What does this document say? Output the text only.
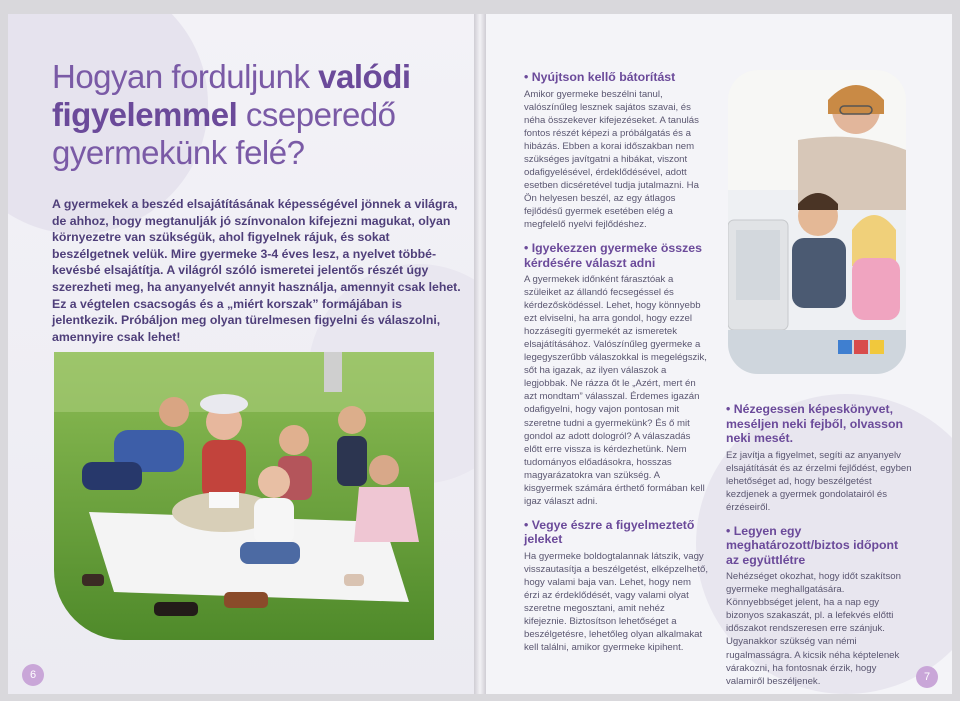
Hogyan forduljunk valódi figyelemmel cseperedő gyermekünk felé?

A gyermekek a beszéd elsajátításának képességével jönnek a világra, de ahhoz, hogy megtanulják jó színvonalon kifejezni magukat, olyan környezetre van szükségük, ahol figyelnek rájuk, és sokat beszélgetnek velük. Mire gyermeke 3-4 éves lesz, a nyelvet többé-kevésbé elsajátítja. A világról szóló ismeretei jelentős részét úgy szerezheti meg, ha anyanyelvét annyit használja, amennyit csak lehet. Ez a végtelen csacsogás és a „miért korszak” formájában is jelentkezik. Próbáljon meg olyan türelmesen figyelni és válaszolni, amennyire csak lehet!

6
• Nyújtson kellő bátorítást

Amikor gyermeke beszélni tanul, valószínűleg lesznek sajátos szavai, és néha összekever kifejezéseket. A tanulás fontos részét képezi a próbálgatás és a hibázás. Ebben a korai időszakban nem szükséges javítgatni a hibákat, viszont odafigyelésével, érdeklődésével, adott esetben dicséretével tudja jutalmazni. Ha Ön helyesen beszél, az egy átlagos fejlődésű gyermek esetében elég a megfelelő nyelvi fejlődéshez.

• Igyekezzen gyermeke összes kérdésére választ adni

A gyermekek időnként fárasztóak a szüleiket az állandó fecsegéssel és kérdezősködéssel. Lehet, hogy könnyebb ezt elviselni, ha arra gondol, hogy ezzel hozzásegíti gyermekét az ismeretek elsajátításához. Valószínűleg gyermeke a legegyszerűbb válaszokkal is megelégszik, sőt ha igazak, az ilyen válaszok a legjobbak. Ne rázza őt le „Azért, mert én azt mondtam” válasszal. Érdemes igazán odafigyelni, hogy vajon pontosan mit szeretne tudni a gyermekünk? És ő mit gondol az adott dologról? A válaszadás előtt erre vissza is kérdezhetünk. Nem tudományos előadásokra, hosszas magyarázatokra van szükség. A kisgyermek számára érthető formában kell igaz választ adni.

• Vegye észre a figyelmeztető jeleket

Ha gyermeke boldogtalannak látszik, vagy visszautasítja a beszélgetést, elképzelhető, hogy valami baja van. Lehet, hogy nem érzi az érdeklődését, vagy valami olyat szeretne megosztani, amit nehéz kifejeznie. Biztosítson lehetőséget a beszélgetésre, lehetőleg olyan alkalmakat kell találni, amikor gyermeke kipihent.

• Nézegessen képeskönyvet, meséljen neki fejből, olvasson neki mesét.

Ez javítja a figyelmet, segíti az anyanyelv elsajátítását és az érzelmi fejlődést, egyben lehetőséget ad, hogy beszélgetést kezdjenek a gyermek gondolatairól és érzéseiről.

• Legyen egy meghatározott/biztos időpont az együttlétre

Nehézséget okozhat, hogy időt szakítson gyermeke meghallgatására. Könnyebbséget jelent, ha a nap egy bizonyos szakaszát, pl. a lefekvés előtti időszakot rendszeresen erre szánjuk. Ugyanakkor szükség van némi rugalmasságra. A kicsik néha képtelenek várakozni, ha fontosnak érzik, hogy valamiről beszéljenek.	7
